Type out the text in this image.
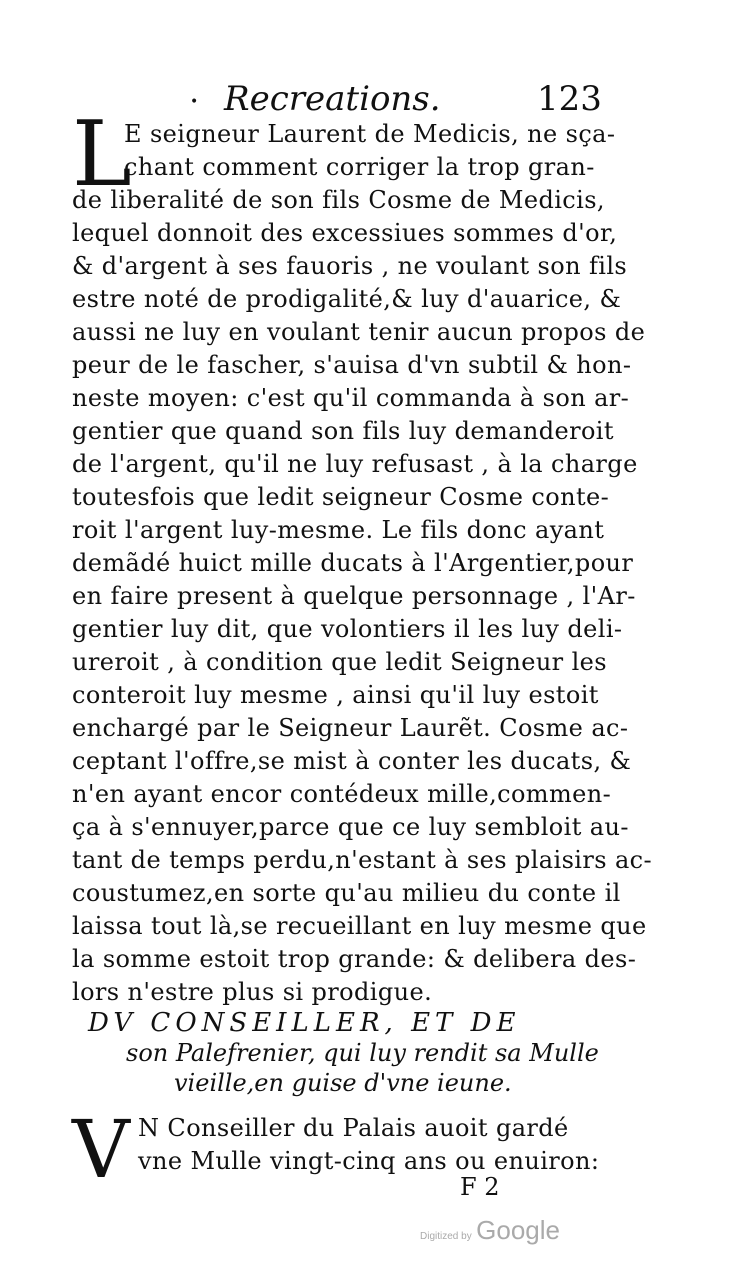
Recreations.	123
•
L
E seigneur Laurent de Medicis, ne sça-
chant comment corriger la trop gran-
de liberalité de son fils Cosme de Medicis,
lequel donnoit des excessiues sommes d'or,
& d'argent à ses fauoris , ne voulant son fils
estre noté de prodigalité,& luy d'auarice, &
aussi ne luy en voulant tenir aucun propos de
peur de le fascher, s'auisa d'vn subtil & hon-
neste moyen: c'est qu'il commanda à son ar-
gentier que quand son fils luy demanderoit
de l'argent, qu'il ne luy refusast , à la charge
toutesfois que ledit seigneur Cosme conte-
roit l'argent luy-mesme. Le fils donc ayant
demãdé huict mille ducats à l'Argentier,pour
en faire present à quelque personnage , l'Ar-
gentier luy dit, que volontiers il les luy deli-
ureroit , à condition que ledit Seigneur les
conteroit luy mesme , ainsi qu'il luy estoit
enchargé par le Seigneur Laurẽt. Cosme ac-
ceptant l'offre,se mist à conter les ducats, &
n'en ayant encor contédeux mille,commen-
ça à s'ennuyer,parce que ce luy sembloit au-
tant de temps perdu,n'estant à ses plaisirs ac-
coustumez,en sorte qu'au milieu du conte il
laissa tout là,se recueillant en luy mesme que
la somme estoit trop grande: & delibera des-
lors n'estre plus si prodigue.
DV CONSEILLER, ET DE
son Palefrenier, qui luy rendit sa Mulle
vieille,en guise d'vne ieune.
V N Conseiller du Palais auoit gardé
vne Mulle vingt-cinq ans ou enuiron:
F 2
Digitized by Google
